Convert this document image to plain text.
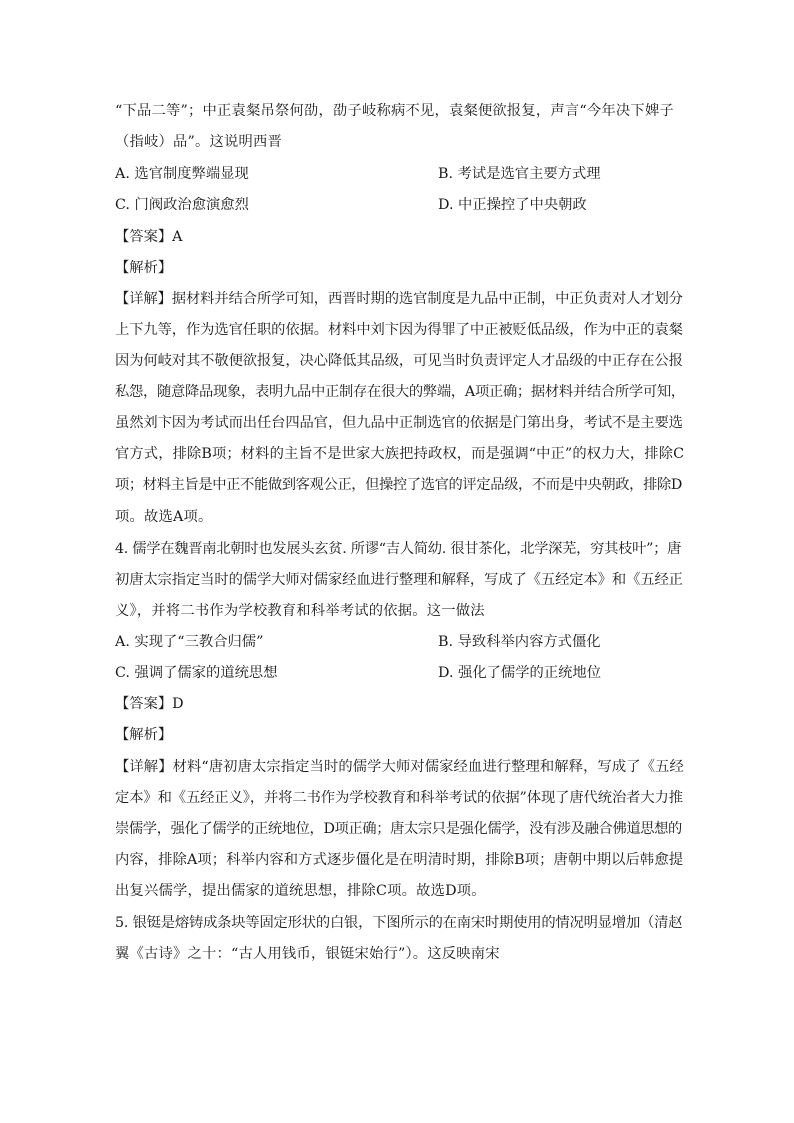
“下品二等”；中正袁粲吊祭何劭，劭子岐称病不见，袁粲便欲报复，声言“今年决下婢子
（指岐）品”。这说明西晋
A. 选官制度弊端显现	B. 考试是选官主要方式理
C. 门阀政治愈演愈烈	D. 中正操控了中央朝政
【答案】A
【解析】
【详解】据材料并结合所学可知，西晋时期的选官制度是九品中正制，中正负责对人才划分
上下九等，作为选官任职的依据。材料中刘卞因为得罪了中正被贬低品级，作为中正的袁粲
因为何岐对其不敬便欲报复，决心降低其品级，可见当时负责评定人才品级的中正存在公报
私怨，随意降品现象，表明九品中正制存在很大的弊端，A项正确；据材料并结合所学可知，
虽然刘卞因为考试而出任台四品官，但九品中正制选官的依据是门第出身，考试不是主要选
官方式，排除B项；材料的主旨不是世家大族把持政权，而是强调“中正”的权力大，排除C
项；材料主旨是中正不能做到客观公正，但操控了选官的评定品级，不而是中央朝政，排除D
项。故选A项。
4. 儒学在魏晋南北朝时也发展头玄贫. 所谬“吉人简幼. 很甘茶化，北学深芜，穷其枝叶”；唐
初唐太宗指定当时的儒学大师对儒家经血进行整理和解释，写成了《五经定本》和《五经正
义》，并将二书作为学校教育和科举考试的依据。这一做法
A. 实现了“三教合归儒”	B. 导致科举内容方式僵化
C. 强调了儒家的道统思想	D. 强化了儒学的正统地位
【答案】D
【解析】
【详解】材料“唐初唐太宗指定当时的儒学大师对儒家经血进行整理和解释，写成了《五经
定本》和《五经正义》，并将二书作为学校教育和科举考试的依据”体现了唐代统治者大力推
崇儒学，强化了儒学的正统地位，D项正确；唐太宗只是强化儒学，没有涉及融合佛道思想的
内容，排除A项；科举内容和方式逐步僵化是在明清时期，排除B项；唐朝中期以后韩愈提
出复兴儒学，提出儒家的道统思想，排除C项。故选D项。
5. 银铤是熔铸成条块等固定形状的白银，下图所示的在南宋时期使用的情况明显增加（清赵
翼《古诗》之十：“古人用钱币，银铤宋始行”）。这反映南宋
